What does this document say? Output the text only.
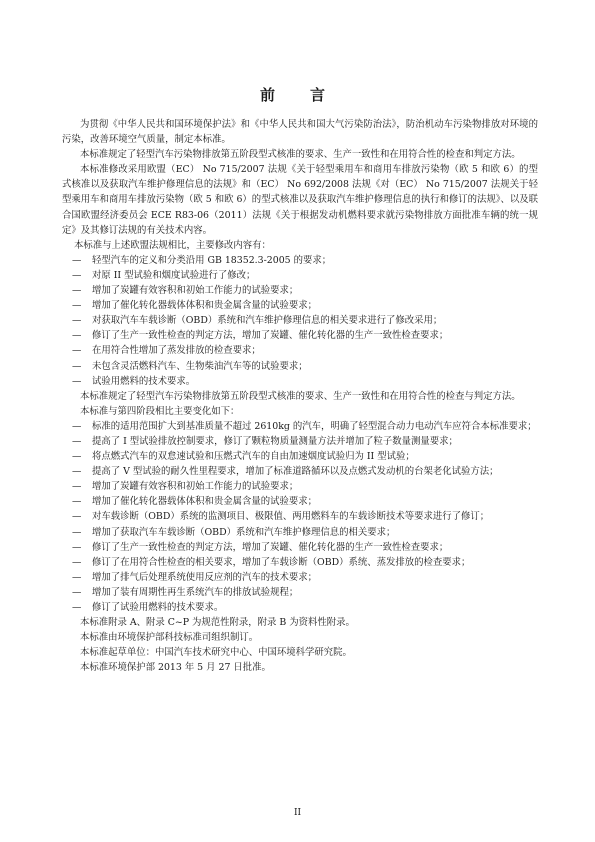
前　言

为贯彻《中华人民共和国环境保护法》和《中华人民共和国大气污染防治法》，防治机动车污染物排放对环境的污染，改善环境空气质量，制定本标准。

本标准规定了轻型汽车污染物排放第五阶段型式核准的要求、生产一致性和在用符合性的检查和判定方法。

本标准修改采用欧盟（EC） No 715/2007 法规《关于轻型乘用车和商用车排放污染物（欧 5 和欧 6）的型式核准以及获取汽车维护修理信息的法规》和（EC） No 692/2008 法规《对（EC） No 715/2007 法规关于轻型乘用车和商用车排放污染物（欧 5 和欧 6）的型式核准以及获取汽车维护修理信息的执行和修订的法规》、以及联合国欧盟经济委员会 ECE R83-06（2011）法规《关于根据发动机燃料要求就污染物排放方面批准车辆的统一规定》及其修订法规的有关技术内容。

本标准与上述欧盟法规相比，主要修改内容有：

—	轻型汽车的定义和分类沿用 GB 18352.3-2005 的要求；
—	对原 II 型试验和烟度试验进行了修改；
—	增加了炭罐有效容积和初始工作能力的试验要求；
—	增加了催化转化器载体体积和贵金属含量的试验要求；
—	对获取汽车车载诊断（OBD）系统和汽车维护修理信息的相关要求进行了修改采用；
—	修订了生产一致性检查的判定方法，增加了炭罐、催化转化器的生产一致性检查要求；
—	在用符合性增加了蒸发排放的检查要求；
—	未包含灵活燃料汽车、生物柴油汽车等的试验要求；
—	试验用燃料的技术要求。

本标准规定了轻型汽车污染物排放第五阶段型式核准的要求、生产一致性和在用符合性的检查与判定方法。

本标准与第四阶段相比主要变化如下：

—	标准的适用范围扩大到基准质量不超过 2610kg 的汽车，明确了轻型混合动力电动汽车应符合本标准要求；
—	提高了 I 型试验排放控制要求，修订了颗粒物质量测量方法并增加了粒子数量测量要求；
—	将点燃式汽车的双怠速试验和压燃式汽车的自由加速烟度试验归为 II 型试验；
—	提高了 V 型试验的耐久性里程要求，增加了标准道路循环以及点燃式发动机的台架老化试验方法；
—	增加了炭罐有效容积和初始工作能力的试验要求；
—	增加了催化转化器载体体积和贵金属含量的试验要求；
—	对车载诊断（OBD）系统的监测项目、极限值、两用燃料车的车载诊断技术等要求进行了修订；
—	增加了获取汽车车载诊断（OBD）系统和汽车维护修理信息的相关要求；
—	修订了生产一致性检查的判定方法，增加了炭罐、催化转化器的生产一致性检查要求；
—	修订了在用符合性检查的相关要求，增加了车载诊断（OBD）系统、蒸发排放的检查要求；
—	增加了排气后处理系统使用反应剂的汽车的技术要求；
—	增加了装有周期性再生系统汽车的排放试验规程；
—	修订了试验用燃料的技术要求。

本标准附录 A、附录 C~P 为规范性附录，附录 B 为资料性附录。

本标准由环境保护部科技标准司组织制订。

本标准起草单位：中国汽车技术研究中心、中国环境科学研究院。

本标准环境保护部 2013 年 5 月 27 日批准。

II
